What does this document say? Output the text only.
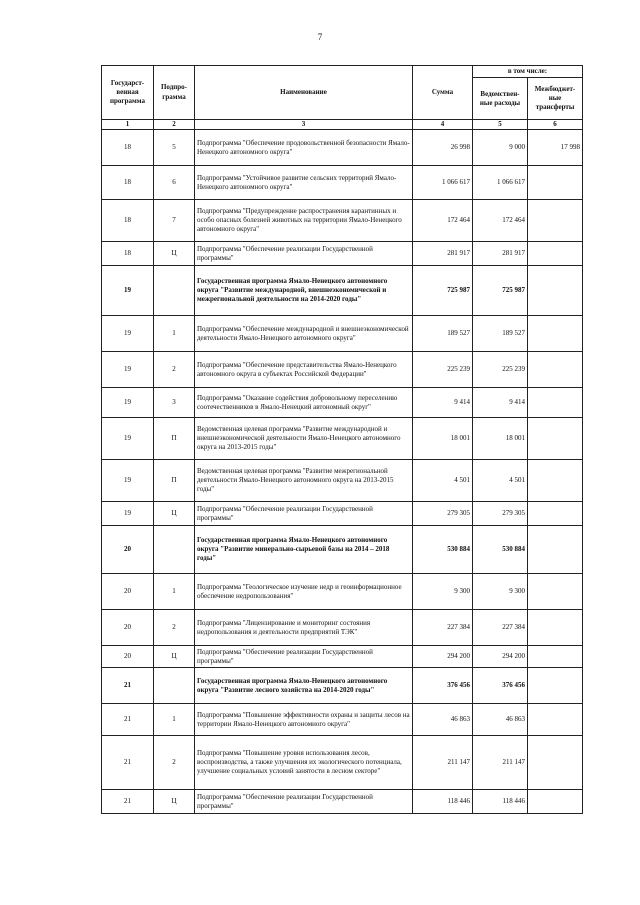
7
Государст-венная программа	Подпро-грамма	Наименование	Сумма	в том числе:	
				Ведомствен-ные расходы	Межбюджет-ные трансферты
1	2	3	4	5	6
18	5	Подпрограмма "Обеспечение продовольственной безопасности Ямало-Ненецкого автономного округа"	26 998	9 000	17 998
18	6	Подпрограмма "Устойчивое развитие сельских территорий Ямало-Ненецкого автономного округа"	1 066 617	1 066 617	
18	7	Подпрограмма "Предупреждение распространения карантинных и особо опасных болезней животных на территории Ямало-Ненецкого автономного округа"	172 464	172 464	
18	Ц	Подпрограмма "Обеспечение реализации Государственной программы"	281 917	281 917	
19		Государственная программа Ямало-Ненецкого автономного округа "Развитие международной, внешнеэкономической и межрегиональной деятельности на 2014-2020 годы"	725 987	725 987	
19	1	Подпрограмма "Обеспечение международной и внешнеэкономической деятельности Ямало-Ненецкого автономного округа"	189 527	189 527	
19	2	Подпрограмма "Обеспечение представительства Ямало-Ненецкого автономного округа в субъектах Российской Федерации"	225 239	225 239	
19	3	Подпрограмма "Оказание содействия добровольному переселению соотечественников в Ямало-Ненецкий автономный округ"	9 414	9 414	
19	П	Ведомственная целевая программа "Развитие международной и внешнеэкономической деятельности Ямало-Ненецкого автономного округа на 2013-2015 годы"	18 001	18 001	
19	П	Ведомственная целевая программа "Развитие межрегиональной деятельности Ямало-Ненецкого автономного округа на 2013-2015 годы"	4 501	4 501	
19	Ц	Подпрограмма "Обеспечение реализации Государственной программы"	279 305	279 305	
20		Государственная программа Ямало-Ненецкого автономного округа "Развитие минерально-сырьевой базы на 2014 – 2018 годы"	530 884	530 884	
20	1	Подпрограмма "Геологическое изучение недр и геоинформационное обеспечение недропользования"	9 300	9 300	
20	2	Подпрограмма "Лицензирование и мониторинг состояния недропользования и деятельности предприятий ТЭК"	227 384	227 384	
20	Ц	Подпрограмма "Обеспечение реализации Государственной программы"	294 200	294 200	
21		Государственная программа Ямало-Ненецкого автономного округа "Развитие лесного хозяйства на 2014-2020 годы"	376 456	376 456	
21	1	Подпрограмма "Повышение эффективности охраны и защиты лесов на территории Ямало-Ненецкого автономного округа"	46 863	46 863	
21	2	Подпрограмма "Повышение уровня использования лесов, воспроизводства, а также улучшения их экологического потенциала, улучшение социальных условий занятости в лесном секторе"	211 147	211 147	
21	Ц	Подпрограмма "Обеспечение реализации Государственной программы"	118 446	118 446	
